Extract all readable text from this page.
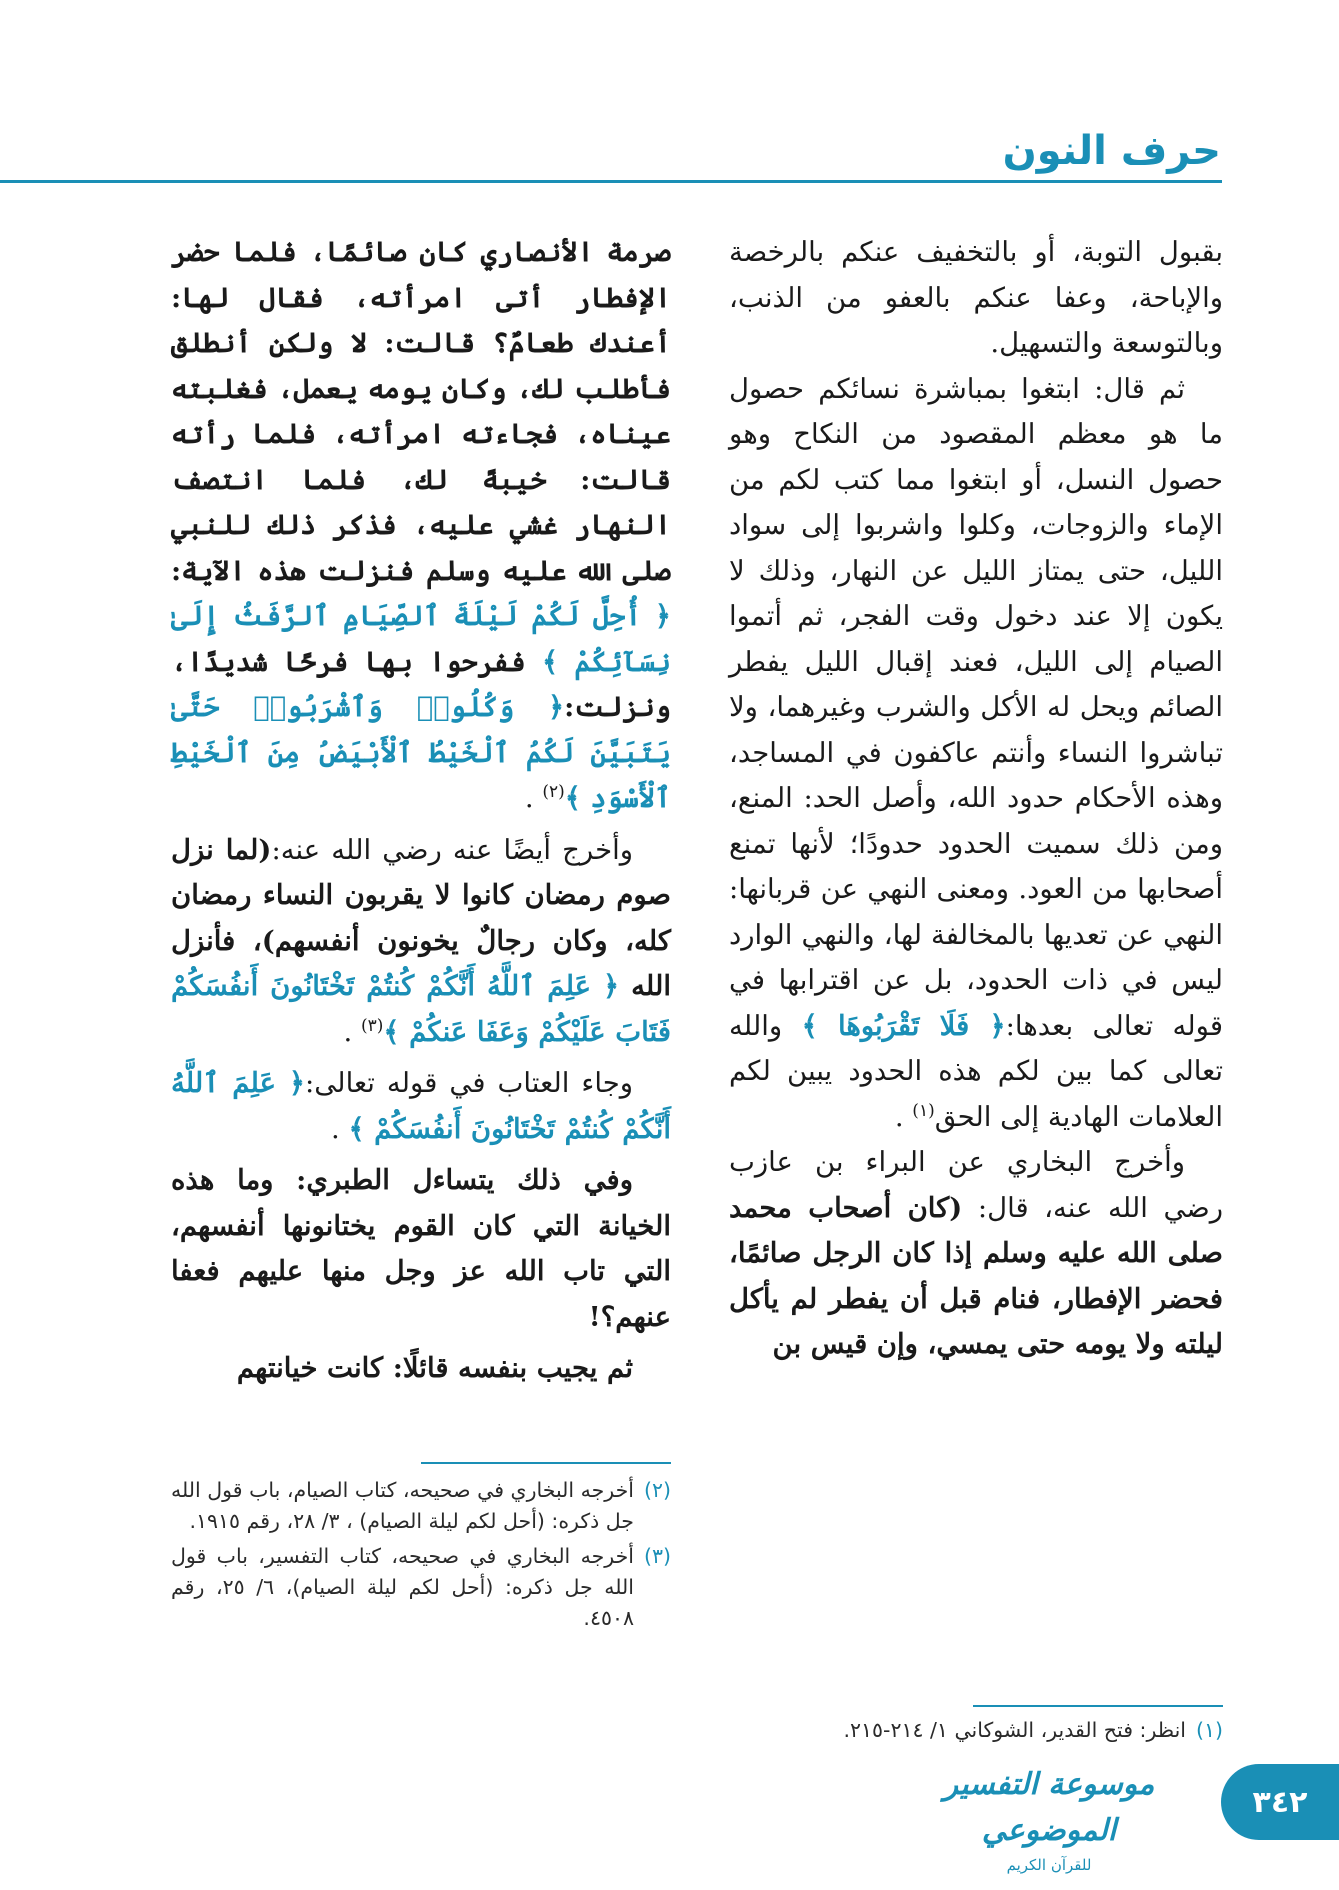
حرف النون

بقبول التوبة، أو بالتخفيف عنكم بالرخصة والإباحة، وعفا عنكم بالعفو من الذنب، وبالتوسعة والتسهيل.

ثم قال: ابتغوا بمباشرة نسائكم حصول ما هو معظم المقصود من النكاح وهو حصول النسل، أو ابتغوا مما كتب لكم من الإماء والزوجات، وكلوا واشربوا إلى سواد الليل، حتى يمتاز الليل عن النهار، وذلك لا يكون إلا عند دخول وقت الفجر، ثم أتموا الصيام إلى الليل، فعند إقبال الليل يفطر الصائم ويحل له الأكل والشرب وغيرهما، ولا تباشروا النساء وأنتم عاكفون في المساجد، وهذه الأحكام حدود الله، وأصل الحد: المنع، ومن ذلك سميت الحدود حدودًا؛ لأنها تمنع أصحابها من العود. ومعنى النهي عن قربانها: النهي عن تعديها بالمخالفة لها، والنهي الوارد ليس في ذات الحدود، بل عن اقترابها في قوله تعالى بعدها:﴿ فَلَا تَقْرَبُوهَا ﴾ والله تعالى كما بين لكم هذه الحدود يبين لكم العلامات الهادية إلى الحق$^{(١)}$ .

وأخرج البخاري عن البراء بن عازب رضي الله عنه، قال: (كان أصحاب محمد صلى الله عليه وسلم إذا كان الرجل صائمًا، فحضر الإفطار، فنام قبل أن يفطر لم يأكل ليلته ولا يومه حتى يمسي، وإن قيس بن

صرمة الأنصاري كان صائمًا، فلما حضر الإفطار أتى امرأته، فقال لها: أعندك طعامٌ؟ قالت: لا ولكن أنطلق فأطلب لك، وكان يومه يعمل، فغلبته عيناه، فجاءته امرأته، فلما رأته قالت: خيبةً لك، فلما انتصف النهار غشي عليه، فذكر ذلك للنبي صلى الله عليه وسلم فنزلت هذه الآية:﴿ أُحِلَّ لَكُمْ لَيْلَةَ ٱلصِّيَامِ ٱلرَّفَثُ إِلَىٰ نِسَآئِكُمْ ﴾ ففرحوا بها فرحًا شديدًا، ونزلت:﴿ وَكُلُوا۟ وَٱشْرَبُوا۟ حَتَّىٰ يَتَبَيَّنَ لَكُمُ ٱلْخَيْطُ ٱلْأَبْيَضُ مِنَ ٱلْخَيْطِ ٱلْأَسْوَدِ ﴾$^{(٢)}$ .

وأخرج أيضًا عنه رضي الله عنه:(لما نزل صوم رمضان كانوا لا يقربون النساء رمضان كله، وكان رجالٌ يخونون أنفسهم)، فأنزل الله ﴿ عَلِمَ ٱللَّهُ أَنَّكُمْ كُنتُمْ تَخْتَانُونَ أَنفُسَكُمْ فَتَابَ عَلَيْكُمْ وَعَفَا عَنكُمْ ﴾$^{(٣)}$ .

وجاء العتاب في قوله تعالى:﴿ عَلِمَ ٱللَّهُ أَنَّكُمْ كُنتُمْ تَخْتَانُونَ أَنفُسَكُمْ ﴾ .

وفي ذلك يتساءل الطبري: وما هذه الخيانة التي كان القوم يختانونها أنفسهم، التي تاب الله عز وجل منها عليهم فعفا عنهم؟!

ثم يجيب بنفسه قائلًا: كانت خيانتهم

(١)
انظر: فتح القدير، الشوكاني ١/ ٢١٤-٢١٥.
(٢)
أخرجه البخاري في صحيحه، كتاب الصيام، باب قول الله جل ذكره: (أحل لكم ليلة الصيام) ، ٣/ ٢٨، رقم ١٩١٥.
(٣)
أخرجه البخاري في صحيحه، كتاب التفسير، باب قول الله جل ذكره: (أحل لكم ليلة الصيام)، ٦/ ٢٥، رقم ٤٥٠٨.
موسوعة التفسير الموضوعي
للقرآن الكريم
٣٤٢
